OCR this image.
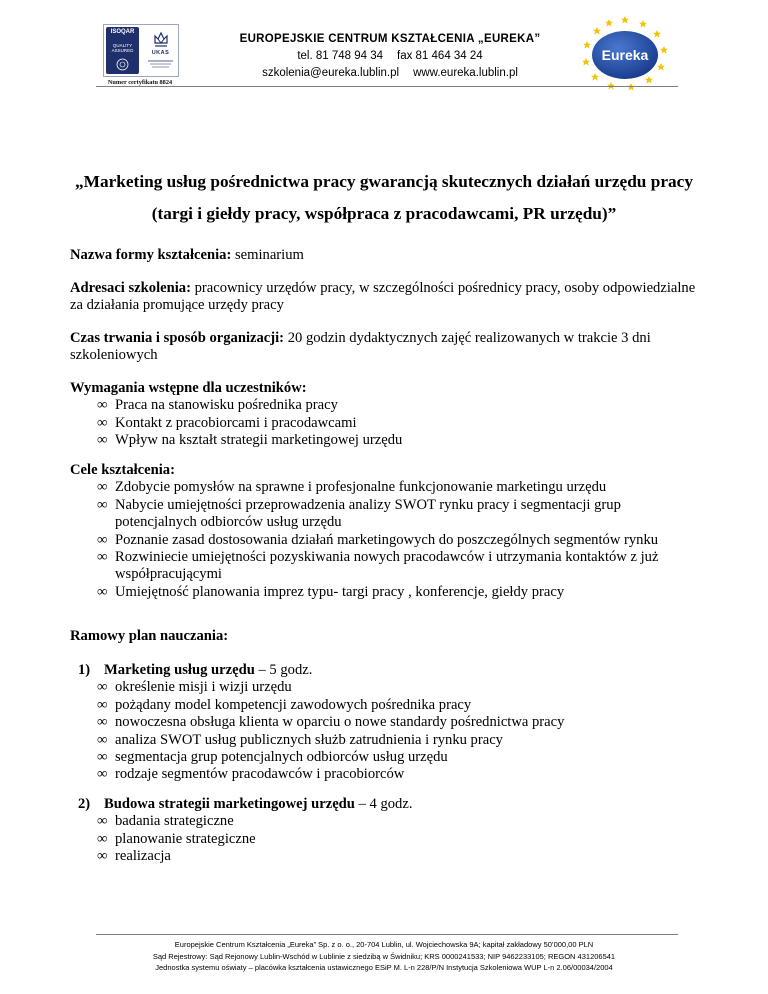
ISOQAR
QUALITY ASSURED	UKAS
Numer certyfikatu 8824
EUROPEJSKIE CENTRUM KSZTAŁCENIA „EUREKA”
tel. 81 748 94 34 fax 81 464 34 24
szkolenia@eureka.lublin.pl www.eureka.lublin.pl
Eureka
„Marketing usług pośrednictwa pracy gwarancją skutecznych działań urzędu pracy (targi i giełdy pracy, współpraca z pracodawcami, PR urzędu)”
Nazwa formy kształcenia: seminarium
Adresaci szkolenia: pracownicy urzędów pracy, w szczególności pośrednicy pracy, osoby odpowiedzialne za działania promujące urzędy pracy
Czas trwania i sposób organizacji: 20 godzin dydaktycznych zajęć realizowanych w trakcie 3 dni szkoleniowych
Wymagania wstępne dla uczestników:
∞ Praca na stanowisku pośrednika pracy
∞ Kontakt z pracobiorcami i pracodawcami
∞ Wpływ na kształt strategii marketingowej urzędu
Cele kształcenia:
∞ Zdobycie pomysłów na sprawne i profesjonalne funkcjonowanie marketingu urzędu
∞ Nabycie umiejętności przeprowadzenia analizy SWOT rynku pracy i segmentacji grup potencjalnych odbiorców usług urzędu
∞ Poznanie zasad dostosowania działań marketingowych do poszczególnych segmentów rynku
∞ Rozwiniecie umiejętności pozyskiwania nowych pracodawców i utrzymania kontaktów z już współpracującymi
∞ Umiejętność planowania imprez typu- targi pracy , konferencje, giełdy pracy
Ramowy plan nauczania:
1) Marketing usług urzędu – 5 godz.
∞ określenie misji i wizji urzędu
∞ pożądany model kompetencji zawodowych pośrednika pracy
∞ nowoczesna obsługa klienta w oparciu o nowe standardy pośrednictwa pracy
∞ analiza SWOT usług publicznych służb zatrudnienia i rynku pracy
∞ segmentacja grup potencjalnych odbiorców usług urzędu
∞ rodzaje segmentów pracodawców i pracobiorców
2) Budowa strategii marketingowej urzędu – 4 godz.
∞ badania strategiczne
∞ planowanie strategiczne
∞ realizacja
Europejskie Centrum Kształcenia „Eureka” Sp. z o. o., 20-704 Lublin, ul. Wojciechowska 9A; kapitał zakładowy 50’000,00 PLN
Sąd Rejestrowy: Sąd Rejonowy Lublin-Wschód w Lublinie z siedzibą w Świdniku; KRS 0000241533; NIP 9462233105; REGON 431206541
Jednostka systemu oświaty – placówka kształcenia ustawicznego ESiP M. L-n 228/P/N Instytucja Szkoleniowa WUP L-n 2.06/00034/2004
